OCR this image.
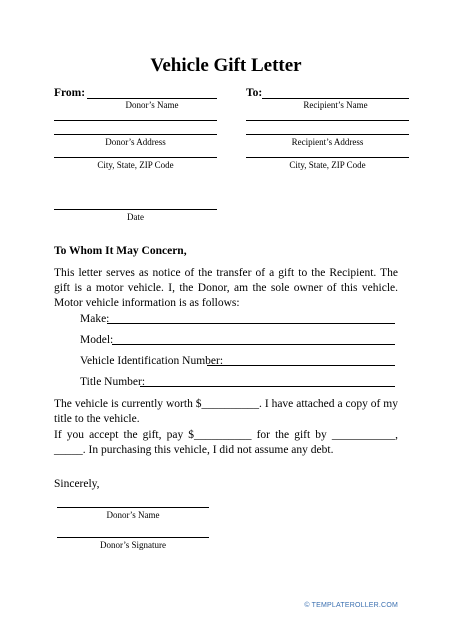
Vehicle Gift Letter
From:
Donor’s Name
To:
Recipient’s Name
Donor’s Address	Recipient’s Address
City, State, ZIP Code	City, State, ZIP Code
Date
To Whom It May Concern,
This letter serves as notice of the transfer of a gift to the Recipient. The gift is a motor vehicle. I, the Donor, am the sole owner of this vehicle. Motor vehicle information is as follows:
Make:
Model:
Vehicle Identification Number:
Title Number:
The vehicle is currently worth $__________. I have attached a copy of my title to the vehicle.
If you accept the gift, pay $__________ for the gift by ___________, _____. In purchasing this vehicle, I did not assume any debt.
Sincerely,
Donor’s Name
Donor’s Signature
© TEMPLATEROLLER.COM
